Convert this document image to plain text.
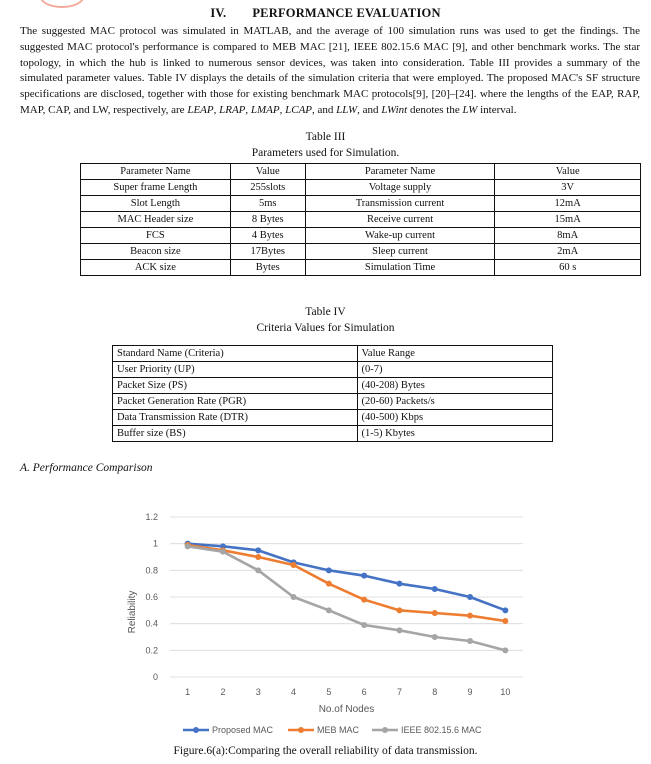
IV. PERFORMANCE EVALUATION
The suggested MAC protocol was simulated in MATLAB, and the average of 100 simulation runs was used to get the findings. The suggested MAC protocol's performance is compared to MEB MAC [21], IEEE 802.15.6 MAC [9], and other benchmark works. The star topology, in which the hub is linked to numerous sensor devices, was taken into consideration. Table III provides a summary of the simulated parameter values. Table IV displays the details of the simulation criteria that were employed. The proposed MAC's SF structure specifications are disclosed, together with those for existing benchmark MAC protocols[9], [20]–[24]. where the lengths of the EAP, RAP, MAP, CAP, and LW, respectively, are LEAP, LRAP, LMAP, LCAP, and LLW, and LWint denotes the LW interval.
Table III
Parameters used for Simulation.
Parameter Name	Value	Parameter Name	Value
Super frame Length	255slots	Voltage supply	3V
Slot Length	5ms	Transmission current	12mA
MAC Header size	8 Bytes	Receive current	15mA
FCS	4 Bytes	Wake-up current	8mA
Beacon size	17Bytes	Sleep current	2mA
ACK size	Bytes	Simulation Time	60 s
Table IV
Criteria Values for Simulation
Standard Name (Criteria)	Value Range
User Priority (UP)	(0-7)
Packet Size (PS)	(40-208) Bytes
Packet Generation Rate (PGR)	(20-60) Packets/s
Data Transmission Rate (DTR)	(40-500) Kbps
Buffer size (BS)	(1-5) Kbytes
A. Performance Comparison
0
0.2
0.4
0.6
0.8
1
1.2
1	2	3	4	5	6	7	8	9	10
No.of Nodes
Reliability
Proposed MAC	MEB MAC	IEEE 802.15.6 MAC
Figure.6(a):Comparing the overall reliability of data transmission.
